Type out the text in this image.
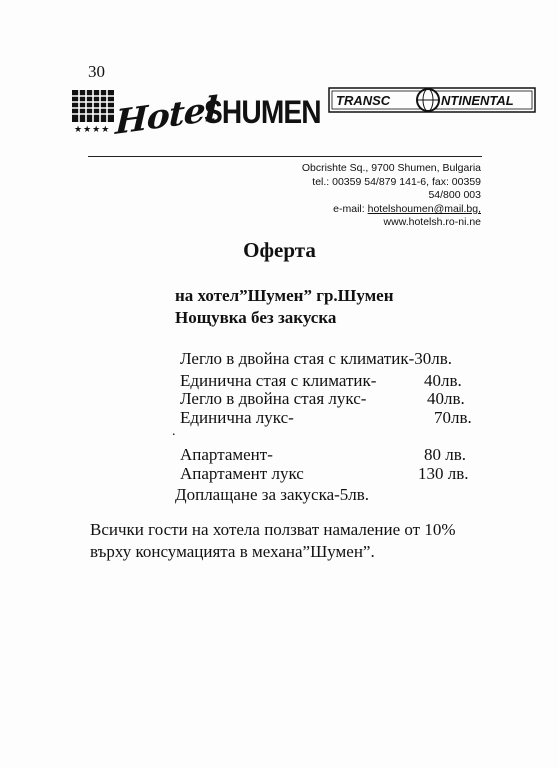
30
★★★★ Hotel
SHUMEN TRANSC	NTINENTAL
Obcrishte Sq., 9700 Shumen, Bulgaria
tel.: 00359 54/879 141-6, fax: 00359
54/800 003
e-mail: hotelshoumen@mail.bg,
www.hotelsh.ro-ni.ne
Оферта
на хотел”Шумен” гр.Шумен
Нощувка без закуска
Легло в двойна стая с климатик-30лв.
Единична стая с климатик-	40лв.
Легло в двойна стая лукс-	40лв.
Единична лукс-	70лв.
.
Апартамент-	80 лв.
Апартамент лукс	130 лв.
Доплащане за закуска-5лв.
Всички гости на хотела ползват намаление от 10%
върху консумацията в механа”Шумен”.
